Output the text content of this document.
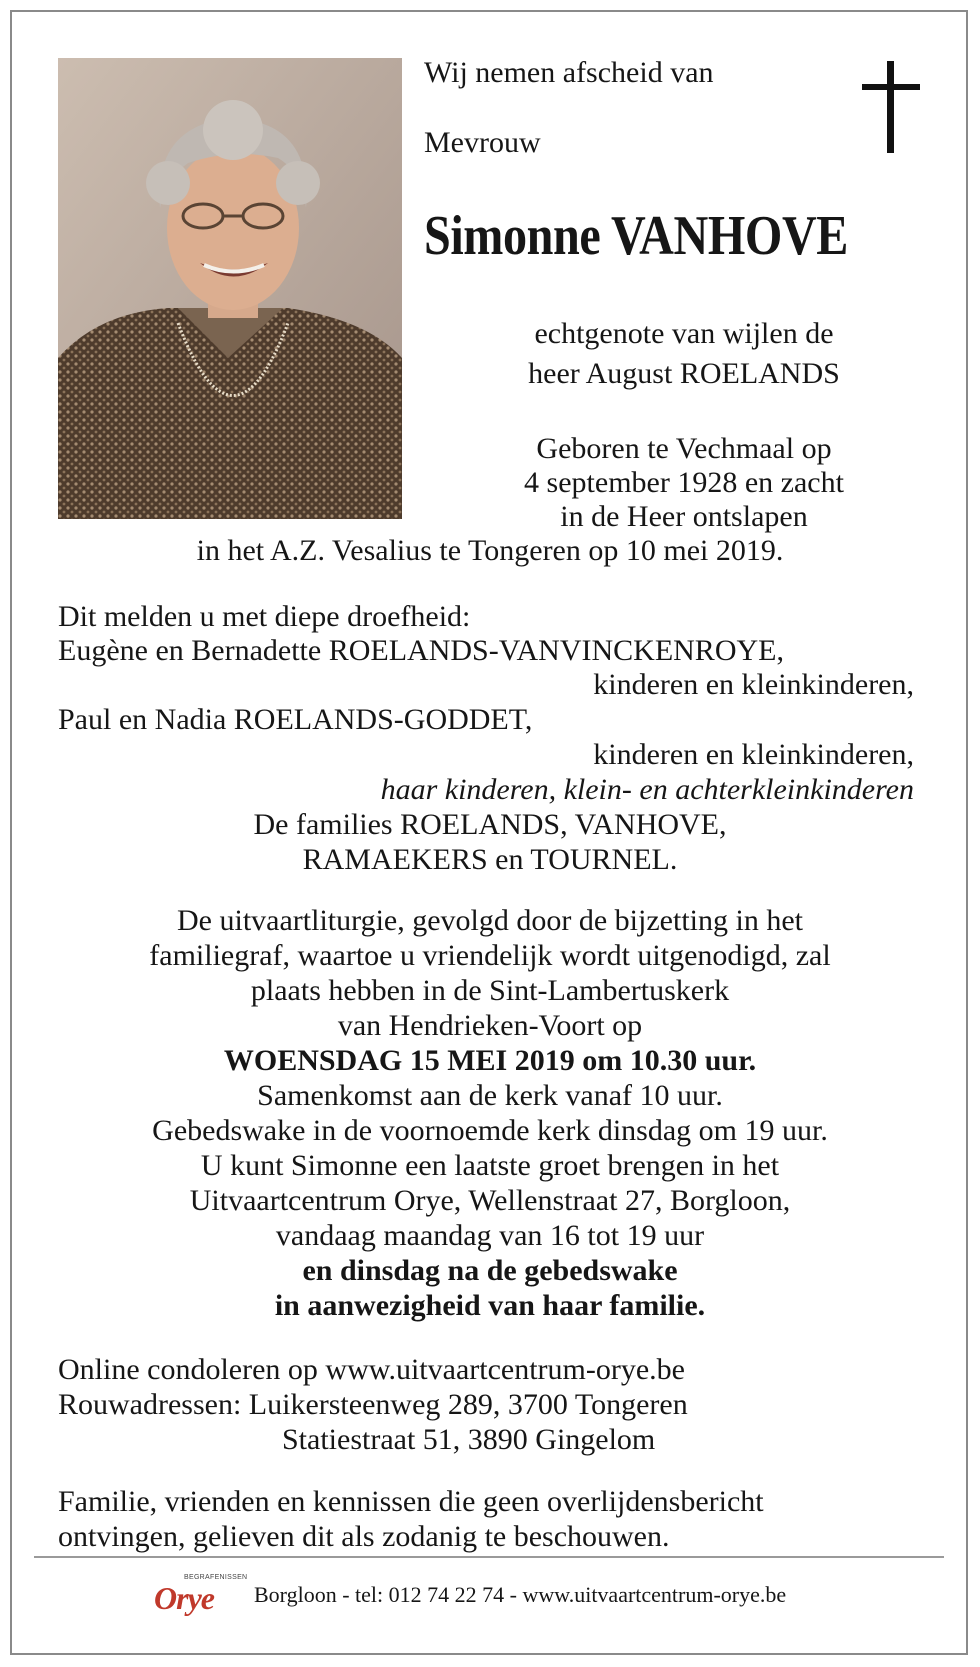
Wij nemen afscheid van
Mevrouw
Simonne VANHOVE
echtgenote van wijlen de
heer August ROELANDS
Geboren te Vechmaal op
4 september 1928 en zacht
in de Heer ontslapen
in het A.Z. Vesalius te Tongeren op 10 mei 2019.
Dit melden u met diepe droefheid:
Eugène en Bernadette ROELANDS-VANVINCKENROYE,
kinderen en kleinkinderen,
Paul en Nadia ROELANDS-GODDET,
kinderen en kleinkinderen,
haar kinderen, klein- en achterkleinkinderen
De families ROELANDS, VANHOVE,
RAMAEKERS en TOURNEL.
De uitvaartliturgie, gevolgd door de bijzetting in het
familiegraf, waartoe u vriendelijk wordt uitgenodigd, zal
plaats hebben in de Sint-Lambertuskerk
van Hendrieken-Voort op
WOENSDAG 15 MEI 2019 om 10.30 uur.
Samenkomst aan de kerk vanaf 10 uur.
Gebedswake in de voornoemde kerk dinsdag om 19 uur.
U kunt Simonne een laatste groet brengen in het
Uitvaartcentrum Orye, Wellenstraat 27, Borgloon,
vandaag maandag van 16 tot 19 uur
en dinsdag na de gebedswake
in aanwezigheid van haar familie.
Online condoleren op www.uitvaartcentrum-orye.be
Rouwadressen: Luikersteenweg 289, 3700 Tongeren
Statiestraat 51, 3890 Gingelom
Familie, vrienden en kennissen die geen overlijdensbericht
ontvingen, gelieven dit als zodanig te beschouwen.
BEGRAFENISSEN
Orye Borgloon - tel: 012 74 22 74 - www.uitvaartcentrum-orye.be
